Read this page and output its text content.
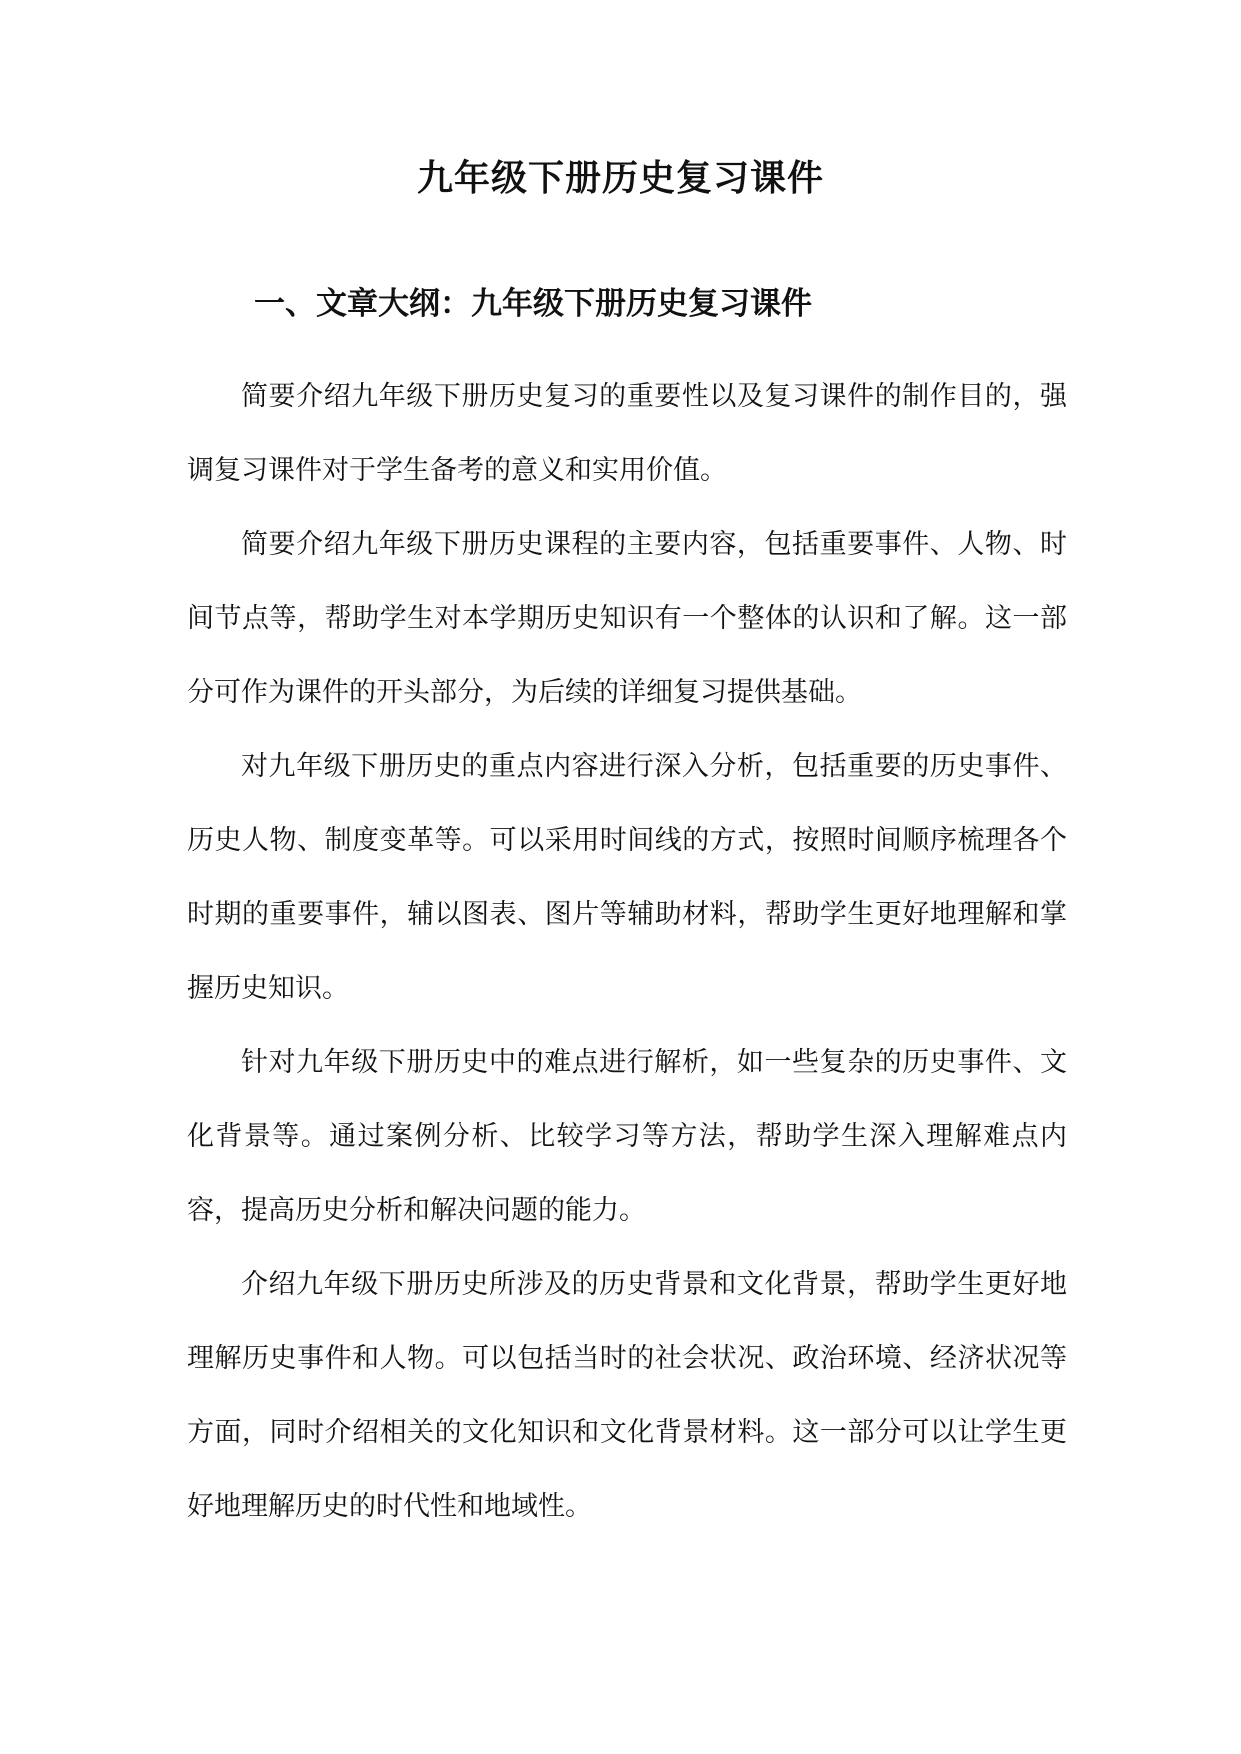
九年级下册历史复习课件
一、文章大纲：九年级下册历史复习课件

简要介绍九年级下册历史复习的重要性以及复习课件的制作目的，强调复习课件对于学生备考的意义和实用价值。

简要介绍九年级下册历史课程的主要内容，包括重要事件、人物、时间节点等，帮助学生对本学期历史知识有一个整体的认识和了解。这一部分可作为课件的开头部分，为后续的详细复习提供基础。

对九年级下册历史的重点内容进行深入分析，包括重要的历史事件、历史人物、制度变革等。可以采用时间线的方式，按照时间顺序梳理各个时期的重要事件，辅以图表、图片等辅助材料，帮助学生更好地理解和掌握历史知识。

针对九年级下册历史中的难点进行解析，如一些复杂的历史事件、文化背景等。通过案例分析、比较学习等方法，帮助学生深入理解难点内容，提高历史分析和解决问题的能力。

介绍九年级下册历史所涉及的历史背景和文化背景，帮助学生更好地理解历史事件和人物。可以包括当时的社会状况、政治环境、经济状况等方面，同时介绍相关的文化知识和文化背景材料。这一部分可以让学生更好地理解历史的时代性和地域性。
